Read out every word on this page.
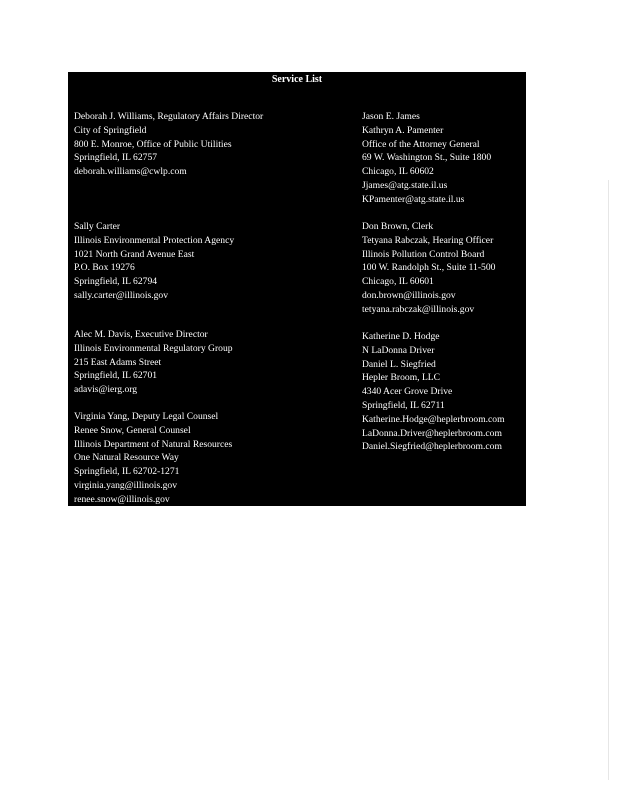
Service List
Deborah J. Williams, Regulatory Affairs Director
City of Springfield
800 E. Monroe, Office of Public Utilities
Springfield, IL 62757
deborah.williams@cwlp.com
Sally Carter
Illinois Environmental Protection Agency
1021 North Grand Avenue East
P.O. Box 19276
Springfield, IL 62794
sally.carter@illinois.gov
Alec M. Davis, Executive Director
Illinois Environmental Regulatory Group
215 East Adams Street
Springfield, IL 62701
adavis@ierg.org
Virginia Yang, Deputy Legal Counsel
Renee Snow, General Counsel
Illinois Department of Natural Resources
One Natural Resource Way
Springfield, IL 62702-1271
virginia.yang@illinois.gov
renee.snow@illinois.gov
Jason E. James
Kathryn A. Pamenter
Office of the Attorney General
69 W. Washington St., Suite 1800
Chicago, IL 60602
Jjames@atg.state.il.us
KPamenter@atg.state.il.us
Don Brown, Clerk
Tetyana Rabczak, Hearing Officer
Illinois Pollution Control Board
100 W. Randolph St., Suite 11-500
Chicago, IL 60601
don.brown@illinois.gov
tetyana.rabczak@illinois.gov
Katherine D. Hodge
N LaDonna Driver
Daniel L. Siegfried
Hepler Broom, LLC
4340 Acer Grove Drive
Springfield, IL 62711
Katherine.Hodge@heplerbroom.com
LaDonna.Driver@heplerbroom.com
Daniel.Siegfried@heplerbroom.com
